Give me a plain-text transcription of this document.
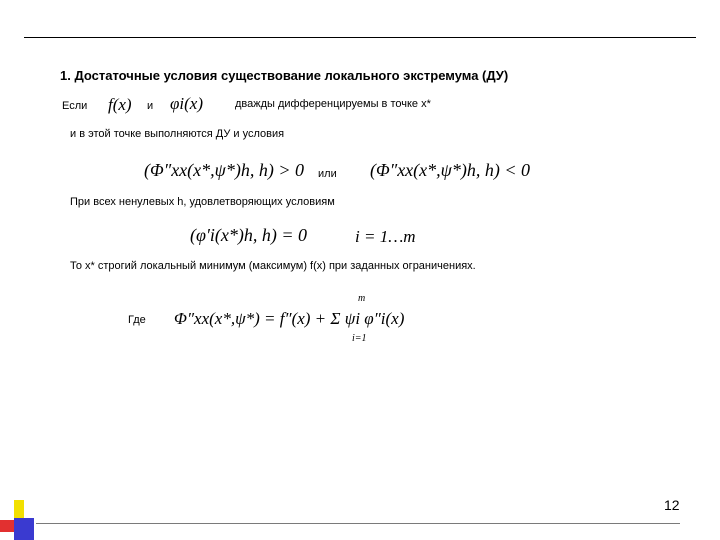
1. Достаточные условия существование локального экстремума (ДУ)
Если f(x) и φi(x)	дважды дифференцируемы в точке x*
и в этой точке выполняются ДУ и условия
(Φ″xx(x*,ψ*)h, h) > 0 или (Φ″xx(x*,ψ*)h, h) < 0
При всех ненулевых h, удовлетворяющих условиям
(φ′i(x*)h, h) = 0	i = 1…m
То x* строгий локальный минимум (максимум) f(x) при заданных ограничениях.
Где Φ″xx(x*,ψ*) = f″(x) + Σ ψi φ″i(x)
m
i=1
12
